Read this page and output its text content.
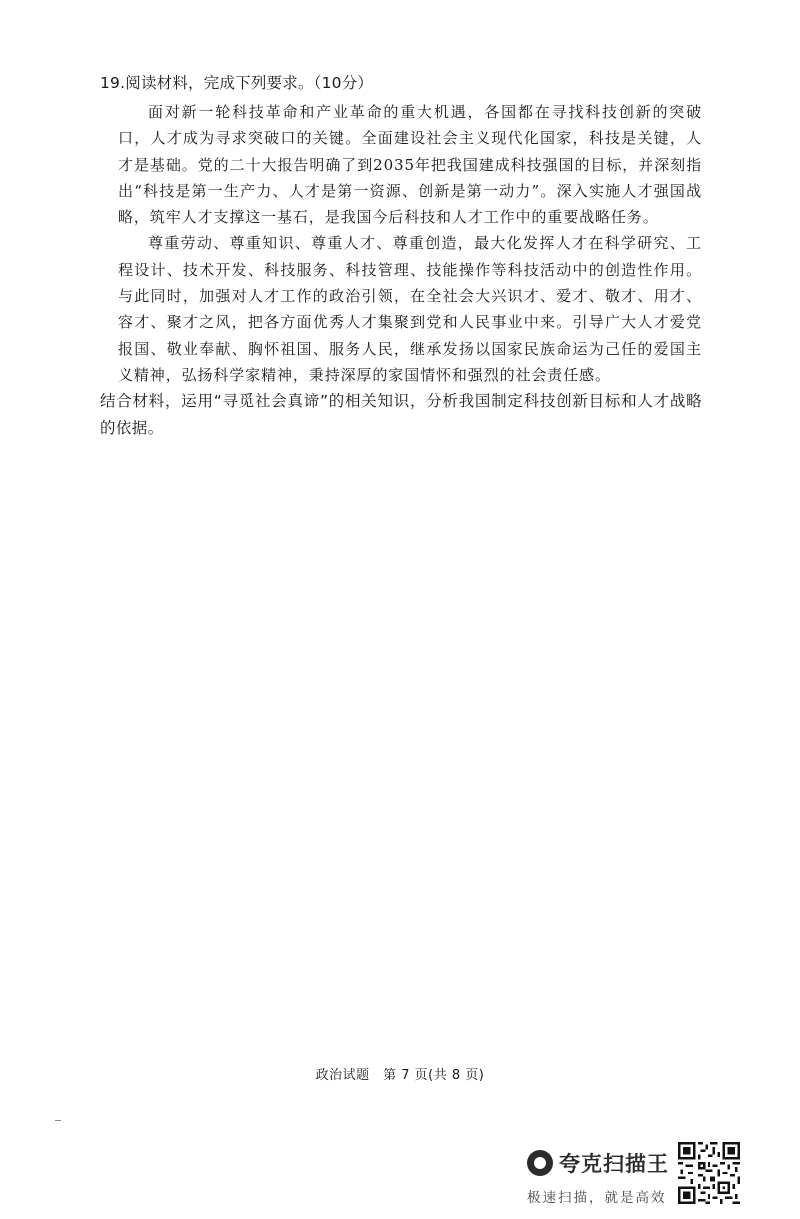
19.阅读材料，完成下列要求。（10分）

面对新一轮科技革命和产业革命的重大机遇，各国都在寻找科技创新的突破口，人才成为寻求突破口的关键。全面建设社会主义现代化国家，科技是关键，人才是基础。党的二十大报告明确了到2035年把我国建成科技强国的目标，并深刻指出“科技是第一生产力、人才是第一资源、创新是第一动力”。深入实施人才强国战略，筑牢人才支撑这一基石，是我国今后科技和人才工作中的重要战略任务。

尊重劳动、尊重知识、尊重人才、尊重创造，最大化发挥人才在科学研究、工程设计、技术开发、科技服务、科技管理、技能操作等科技活动中的创造性作用。与此同时，加强对人才工作的政治引领，在全社会大兴识才、爱才、敬才、用才、容才、聚才之风，把各方面优秀人才集聚到党和人民事业中来。引导广大人才爱党报国、敬业奉献、胸怀祖国、服务人民，继承发扬以国家民族命运为己任的爱国主义精神，弘扬科学家精神，秉持深厚的家国情怀和强烈的社会责任感。

结合材料，运用“寻觅社会真谛”的相关知识，分析我国制定科技创新目标和人才战略的依据。

政治试题　第 7 页(共 8 页)
夸克扫描王
极速扫描，就是高效
